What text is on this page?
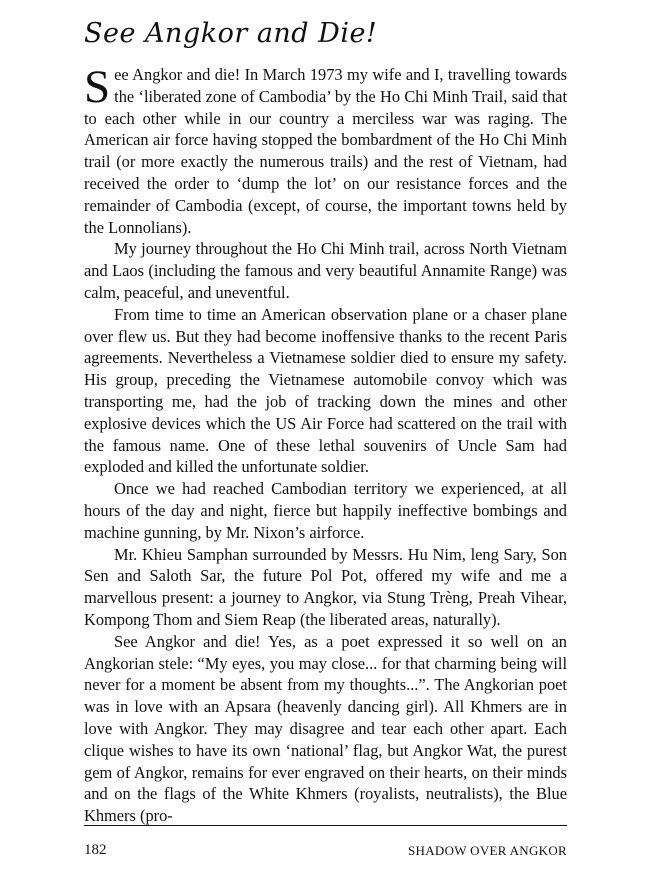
See Angkor and Die!

See Angkor and die! In March 1973 my wife and I, travelling towards the ‘liberated zone of Cambodia’ by the Ho Chi Minh Trail, said that to each other while in our country a merciless war was raging. The American air force having stopped the bombardment of the Ho Chi Minh trail (or more exactly the numerous trails) and the rest of Vietnam, had received the order to ‘dump the lot’ on our resistance forces and the remainder of Cambodia (except, of course, the important towns held by the Lonnolians).

My journey throughout the Ho Chi Minh trail, across North Vietnam and Laos (including the famous and very beautiful Annamite Range) was calm, peaceful, and uneventful.

From time to time an American observation plane or a chaser plane over flew us. But they had become inoffensive thanks to the recent Paris agreements. Nevertheless a Vietnamese soldier died to ensure my safety. His group, preceding the Vietnamese automobile convoy which was transporting me, had the job of tracking down the mines and other explosive devices which the US Air Force had scattered on the trail with the famous name. One of these lethal souvenirs of Uncle Sam had exploded and killed the unfortunate soldier.

Once we had reached Cambodian territory we experienced, at all hours of the day and night, fierce but happily ineffective bombings and machine gunning, by Mr. Nixon’s airforce.

Mr. Khieu Samphan surrounded by Messrs. Hu Nim, leng Sary, Son Sen and Saloth Sar, the future Pol Pot, offered my wife and me a marvellous present: a journey to Angkor, via Stung Trèng, Preah Vihear, Kompong Thom and Siem Reap (the liberated areas, naturally).

See Angkor and die! Yes, as a poet expressed it so well on an Angkorian stele: “My eyes, you may close... for that charming being will never for a moment be absent from my thoughts...”. The Angkorian poet was in love with an Apsara (heavenly dancing girl). All Khmers are in love with Angkor. They may disagree and tear each other apart. Each clique wishes to have its own ‘national’ flag, but Angkor Wat, the purest gem of Angkor, remains for ever engraved on their hearts, on their minds and on the flags of the White Khmers (royalists, neutralists), the Blue Khmers (pro-

182	SHADOW OVER ANGKOR
